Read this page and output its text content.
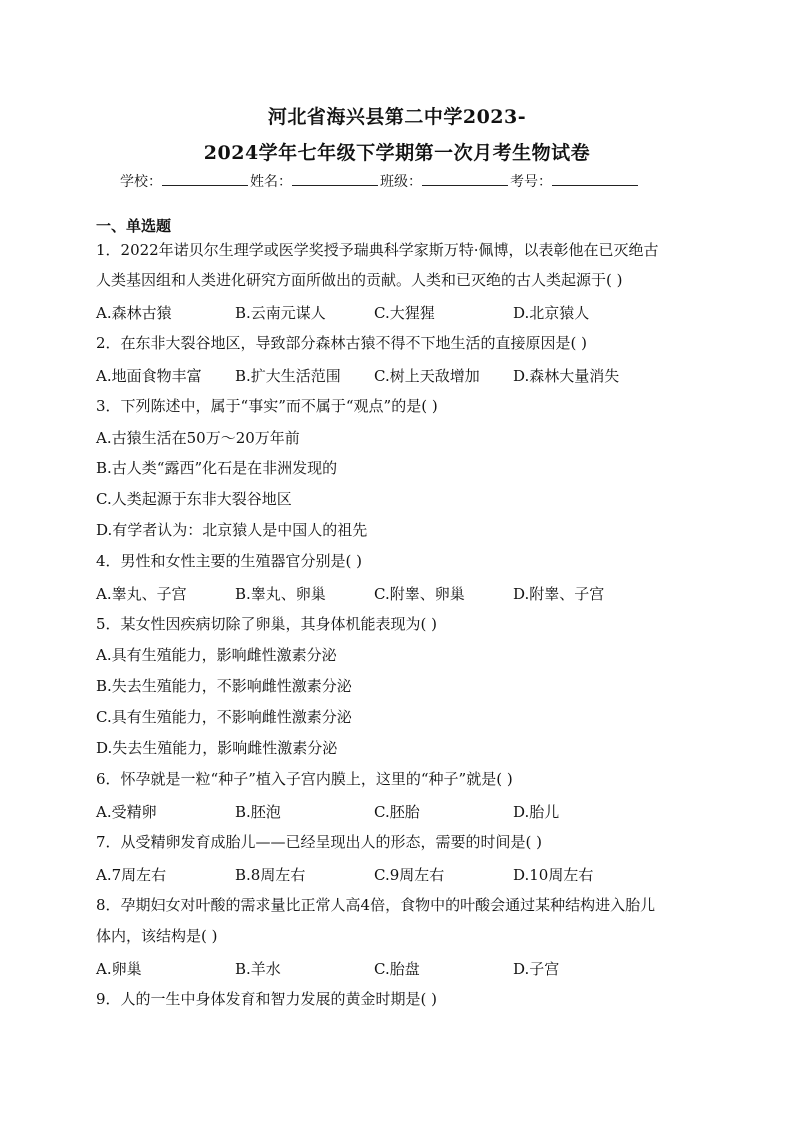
河北省海兴县第二中学2023-
2024学年七年级下学期第一次月考生物试卷
学校：	姓名：	班级：	考号：
一、单选题
1．2022年诺贝尔生理学或医学奖授予瑞典科学家斯万特·佩博，以表彰他在已灭绝古
人类基因组和人类进化研究方面所做出的贡献。人类和已灭绝的古人类起源于( )
A.森林古猿	B.云南元谋人	C.大猩猩	D.北京猿人
2．在东非大裂谷地区，导致部分森林古猿不得不下地生活的直接原因是( )
A.地面食物丰富	B.扩大生活范围	C.树上天敌增加	D.森林大量消失
3．下列陈述中，属于“事实”而不属于“观点”的是( )
A.古猿生活在50万～20万年前
B.古人类“露西”化石是在非洲发现的
C.人类起源于东非大裂谷地区
D.有学者认为：北京猿人是中国人的祖先
4．男性和女性主要的生殖器官分别是( )
A.睾丸、子宫	B.睾丸、卵巢	C.附睾、卵巢	D.附睾、子宫
5．某女性因疾病切除了卵巢，其身体机能表现为( )
A.具有生殖能力，影响雌性激素分泌
B.失去生殖能力，不影响雌性激素分泌
C.具有生殖能力，不影响雌性激素分泌
D.失去生殖能力，影响雌性激素分泌
6．怀孕就是一粒“种子”植入子宫内膜上，这里的“种子”就是( )
A.受精卵	B.胚泡	C.胚胎	D.胎儿
7．从受精卵发育成胎儿——已经呈现出人的形态，需要的时间是( )
A.7周左右	B.8周左右	C.9周左右	D.10周左右
8．孕期妇女对叶酸的需求量比正常人高4倍，食物中的叶酸会通过某种结构进入胎儿
体内，该结构是( )
A.卵巢	B.羊水	C.胎盘	D.子宫
9．人的一生中身体发育和智力发展的黄金时期是( )
